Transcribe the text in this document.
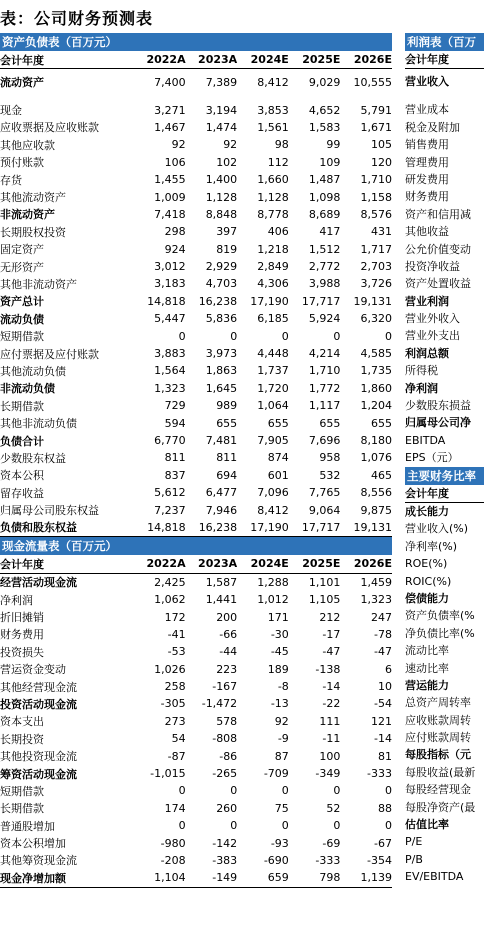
表：公司财务预测表
资产负债表（百万元）
会计年度	2022A	2023A	2024E	2025E	2026E
流动资产	7,400	7,389	8,412	9,029	10,555
现金	3,271	3,194	3,853	4,652	5,791
应收票据及应收账款	1,467	1,474	1,561	1,583	1,671
其他应收款	92	92	98	99	105
预付账款	106	102	112	109	120
存货	1,455	1,400	1,660	1,487	1,710
其他流动资产	1,009	1,128	1,128	1,098	1,158
非流动资产	7,418	8,848	8,778	8,689	8,576
长期股权投资	298	397	406	417	431
固定资产	924	819	1,218	1,512	1,717
无形资产	3,012	2,929	2,849	2,772	2,703
其他非流动资产	3,183	4,703	4,306	3,988	3,726
资产总计	14,818	16,238	17,190	17,717	19,131
流动负债	5,447	5,836	6,185	5,924	6,320
短期借款	0	0	0	0	0
应付票据及应付账款	3,883	3,973	4,448	4,214	4,585
其他流动负债	1,564	1,863	1,737	1,710	1,735
非流动负债	1,323	1,645	1,720	1,772	1,860
长期借款	729	989	1,064	1,117	1,204
其他非流动负债	594	655	655	655	655
负债合计	6,770	7,481	7,905	7,696	8,180
少数股东权益	811	811	874	958	1,076
资本公积	837	694	601	532	465
留存收益	5,612	6,477	7,096	7,765	8,556
归属母公司股东权益	7,237	7,946	8,412	9,064	9,875
负债和股东权益	14,818	16,238	17,190	17,717	19,131
现金流量表（百万元）
会计年度	2022A	2023A	2024E	2025E	2026E
经营活动现金流	2,425	1,587	1,288	1,101	1,459
净利润	1,062	1,441	1,012	1,105	1,323
折旧摊销	172	200	171	212	247
财务费用	-41	-66	-30	-17	-78
投资损失	-53	-44	-45	-47	-47
营运资金变动	1,026	223	189	-138	6
其他经营现金流	258	-167	-8	-14	10
投资活动现金流	-305	-1,472	-13	-22	-54
资本支出	273	578	92	111	121
长期投资	54	-808	-9	-11	-14
其他投资现金流	-87	-86	87	100	81
筹资活动现金流	-1,015	-265	-709	-349	-333
短期借款	0	0	0	0	0
长期借款	174	260	75	52	88
普通股增加	0	0	0	0	0
资本公积增加	-980	-142	-93	-69	-67
其他筹资现金流	-208	-383	-690	-333	-354
现金净增加额	1,104	-149	659	798	1,139
利润表（百万
会计年度
营业收入
营业成本
税金及附加
销售费用
管理费用
研发费用
财务费用
资产和信用减
其他收益
公允价值变动
投资净收益
资产处置收益
营业利润
营业外收入
营业外支出
利润总额
所得税
净利润
少数股东损益
归属母公司净
EBITDA
EPS（元）
主要财务比率
会计年度
成长能力
营业收入(%)
净利率(%)
ROE(%)
ROIC(%)
偿债能力
资产负债率(%
净负债比率(%
流动比率
速动比率
营运能力
总资产周转率
应收账款周转
应付账款周转
每股指标（元
每股收益(最新
每股经营现金
每股净资产(最
估值比率
P/E
P/B
EV/EBITDA
